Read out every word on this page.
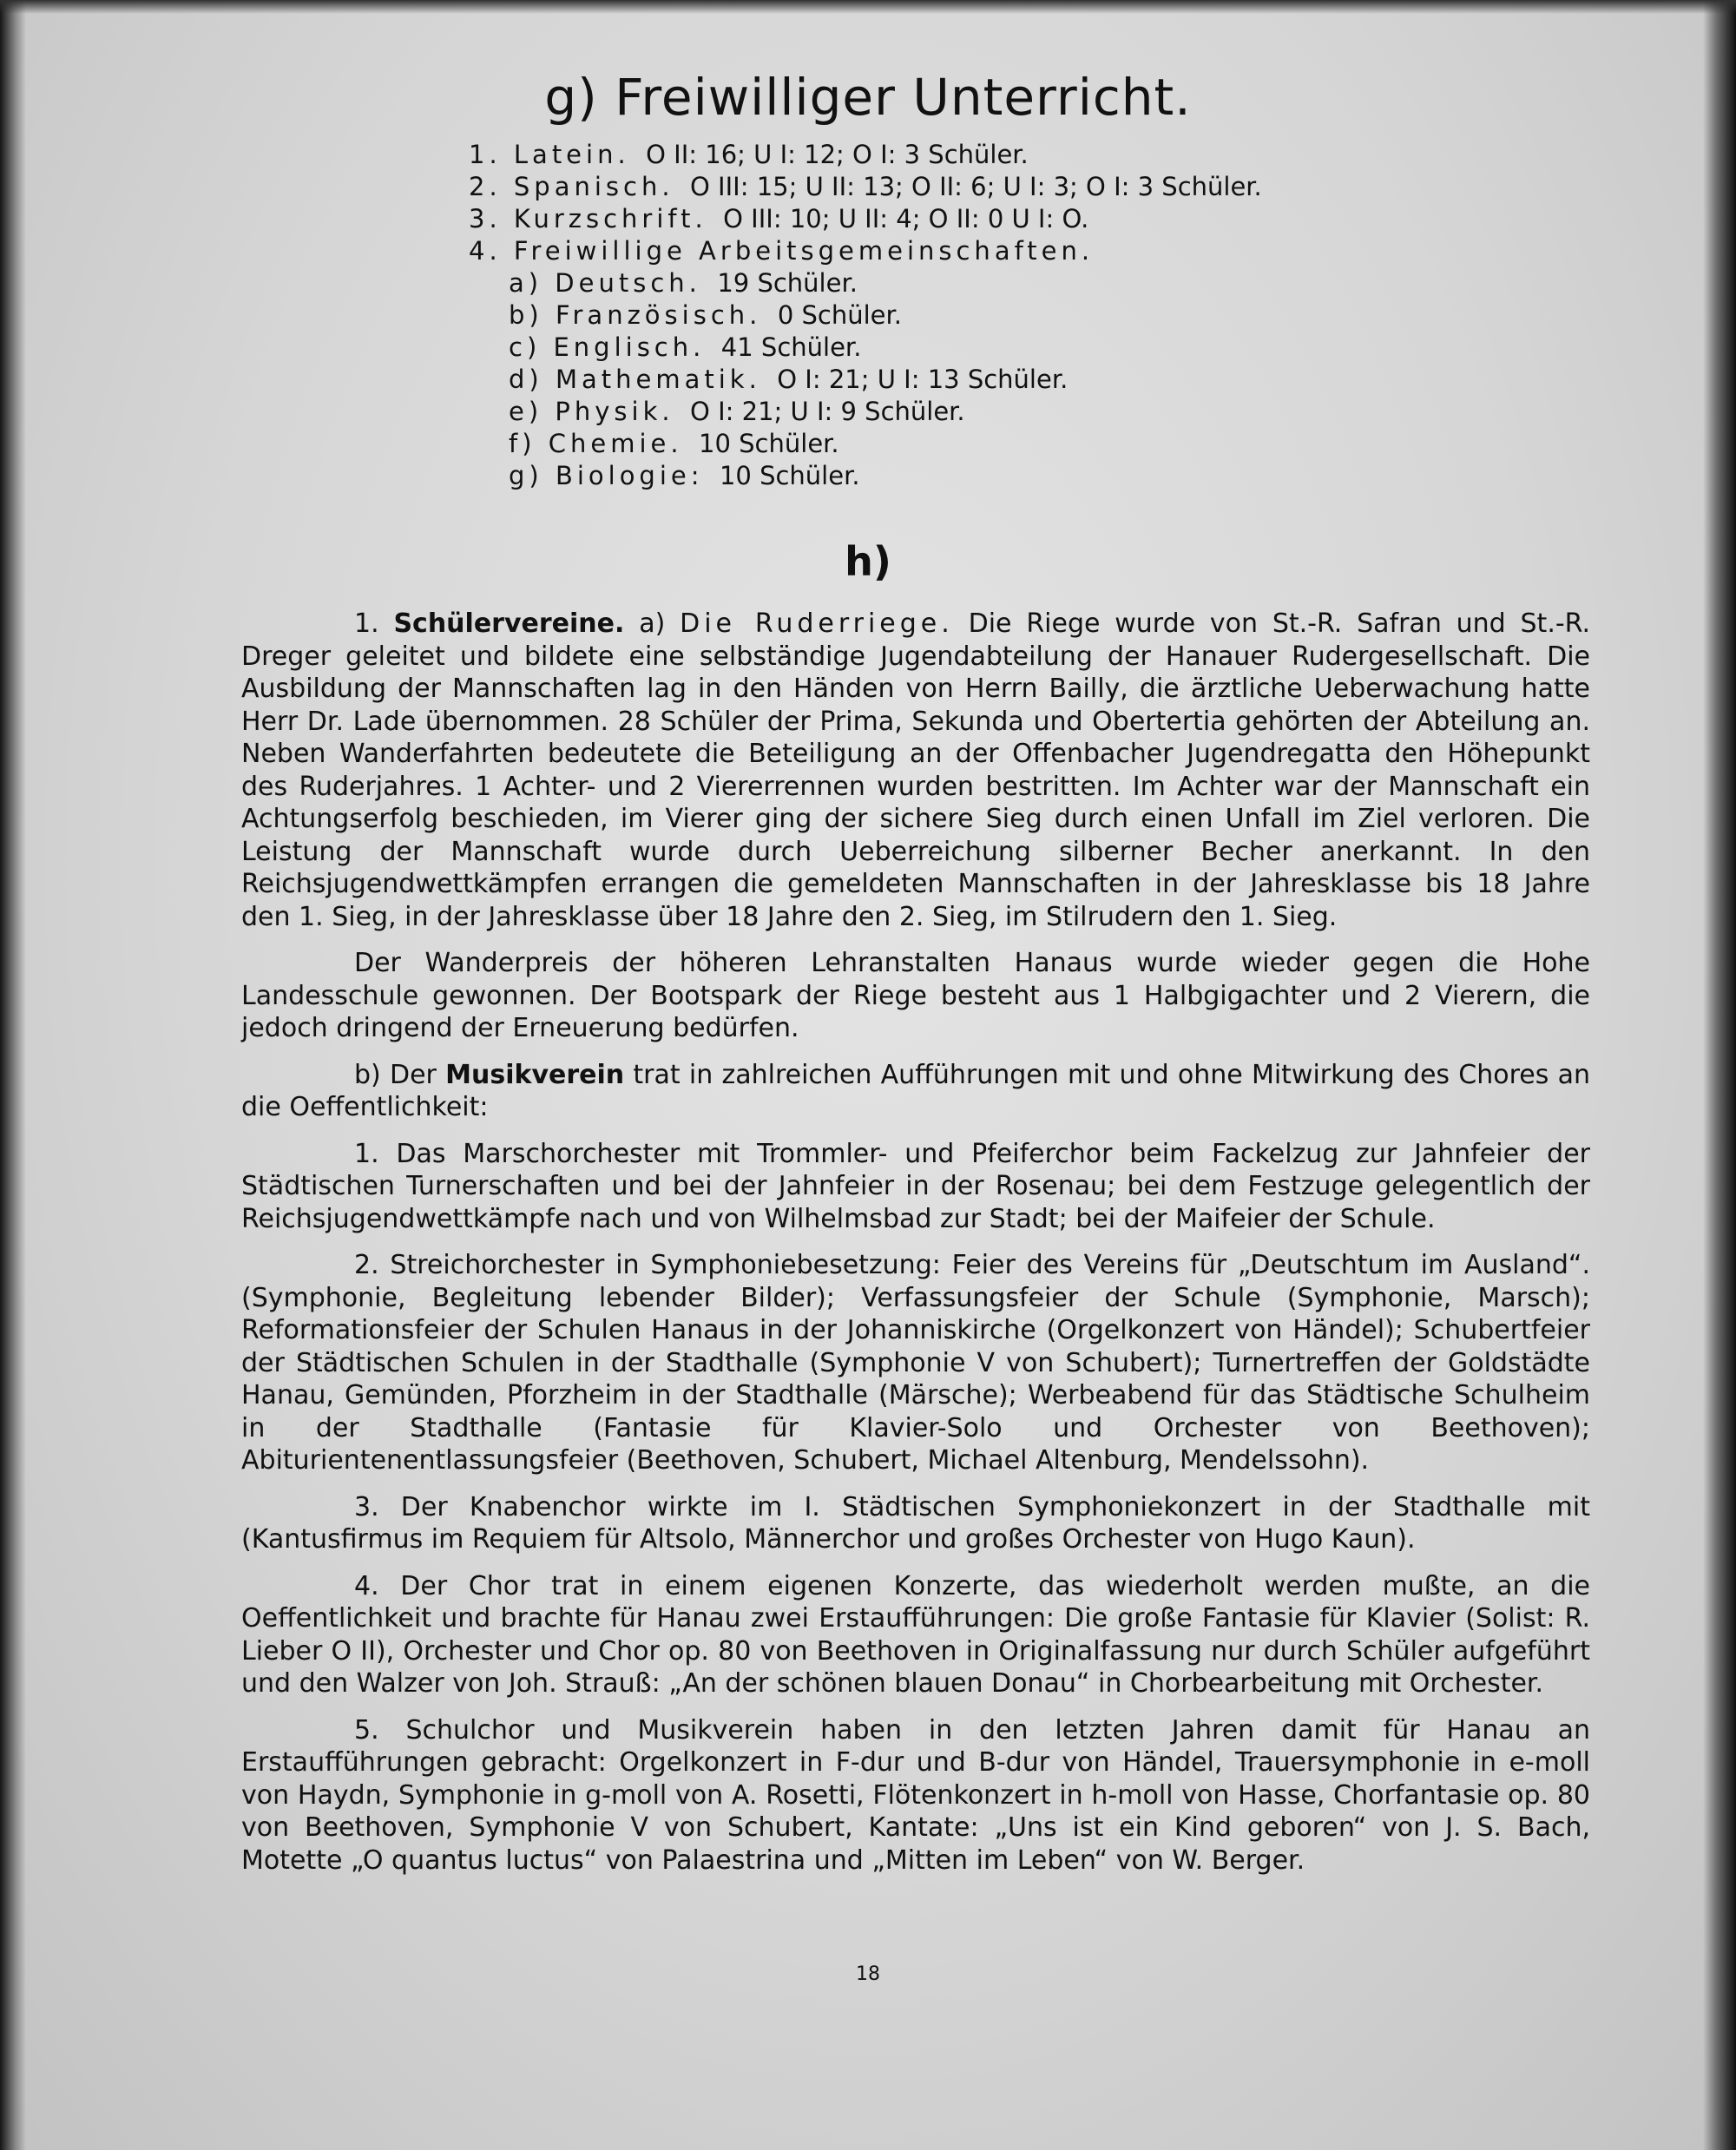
g) Freiwilliger Unterricht.
1. Latein. O II: 16; U I: 12; O I: 3 Schüler.
2. Spanisch. O III: 15; U II: 13; O II: 6; U I: 3; O I: 3 Schüler.
3. Kurzschrift. O III: 10; U II: 4; O II: 0 U I: O.
4. Freiwillige Arbeitsgemeinschaften.
a) Deutsch. 19 Schüler.
b) Französisch. 0 Schüler.
c) Englisch. 41 Schüler.
d) Mathematik. O I: 21; U I: 13 Schüler.
e) Physik. O I: 21; U I: 9 Schüler.
f) Chemie. 10 Schüler.
g) Biologie: 10 Schüler.
h)

1. Schülervereine. a) Die Ruderriege. Die Riege wurde von St.-R. Safran und St.-R. Dreger geleitet und bildete eine selbständige Jugendabteilung der Hanauer Rudergesellschaft. Die Ausbildung der Mannschaften lag in den Händen von Herrn Bailly, die ärztliche Ueberwachung hatte Herr Dr. Lade übernommen. 28 Schüler der Prima, Sekunda und Obertertia gehörten der Abteilung an. Neben Wanderfahrten bedeutete die Beteiligung an der Offenbacher Jugendregatta den Höhepunkt des Ruderjahres. 1 Achter- und 2 Viererrennen wurden bestritten. Im Achter war der Mannschaft ein Achtungserfolg beschieden, im Vierer ging der sichere Sieg durch einen Unfall im Ziel verloren. Die Leistung der Mannschaft wurde durch Ueberreichung silberner Becher anerkannt. In den Reichsjugendwettkämpfen errangen die gemeldeten Mannschaften in der Jahresklasse bis 18 Jahre den 1. Sieg, in der Jahresklasse über 18 Jahre den 2. Sieg, im Stilrudern den 1. Sieg.

Der Wanderpreis der höheren Lehranstalten Hanaus wurde wieder gegen die Hohe Landesschule gewonnen. Der Bootspark der Riege besteht aus 1 Halbgigachter und 2 Vierern, die jedoch dringend der Erneuerung bedürfen.

b) Der Musikverein trat in zahlreichen Aufführungen mit und ohne Mitwirkung des Chores an die Oeffentlichkeit:

1. Das Marschorchester mit Trommler- und Pfeiferchor beim Fackelzug zur Jahnfeier der Städtischen Turnerschaften und bei der Jahnfeier in der Rosenau; bei dem Festzuge gelegentlich der Reichsjugendwettkämpfe nach und von Wilhelmsbad zur Stadt; bei der Maifeier der Schule.

2. Streichorchester in Symphoniebesetzung: Feier des Vereins für „Deutschtum im Ausland“. (Symphonie, Begleitung lebender Bilder); Verfassungsfeier der Schule (Symphonie, Marsch); Reformationsfeier der Schulen Hanaus in der Johanniskirche (Orgelkonzert von Händel); Schubertfeier der Städtischen Schulen in der Stadthalle (Symphonie V von Schubert); Turnertreffen der Goldstädte Hanau, Gemünden, Pforzheim in der Stadthalle (Märsche); Werbeabend für das Städtische Schulheim in der Stadthalle (Fantasie für Klavier-Solo und Orchester von Beethoven); Abiturientenentlassungsfeier (Beethoven, Schubert, Michael Altenburg, Mendelssohn).

3. Der Knabenchor wirkte im I. Städtischen Symphoniekonzert in der Stadthalle mit (Kantusfirmus im Requiem für Altsolo, Männerchor und großes Orchester von Hugo Kaun).

4. Der Chor trat in einem eigenen Konzerte, das wiederholt werden mußte, an die Oeffentlichkeit und brachte für Hanau zwei Erstaufführungen: Die große Fantasie für Klavier (Solist: R. Lieber O II), Orchester und Chor op. 80 von Beethoven in Originalfassung nur durch Schüler aufgeführt und den Walzer von Joh. Strauß: „An der schönen blauen Donau“ in Chorbearbeitung mit Orchester.

5. Schulchor und Musikverein haben in den letzten Jahren damit für Hanau an Erstaufführungen gebracht: Orgelkonzert in F-dur und B-dur von Händel, Trauersymphonie in e-moll von Haydn, Symphonie in g-moll von A. Rosetti, Flötenkonzert in h-moll von Hasse, Chorfantasie op. 80 von Beethoven, Symphonie V von Schubert, Kantate: „Uns ist ein Kind geboren“ von J. S. Bach, Motette „O quantus luctus“ von Palaestrina und „Mitten im Leben“ von W. Berger.

18
